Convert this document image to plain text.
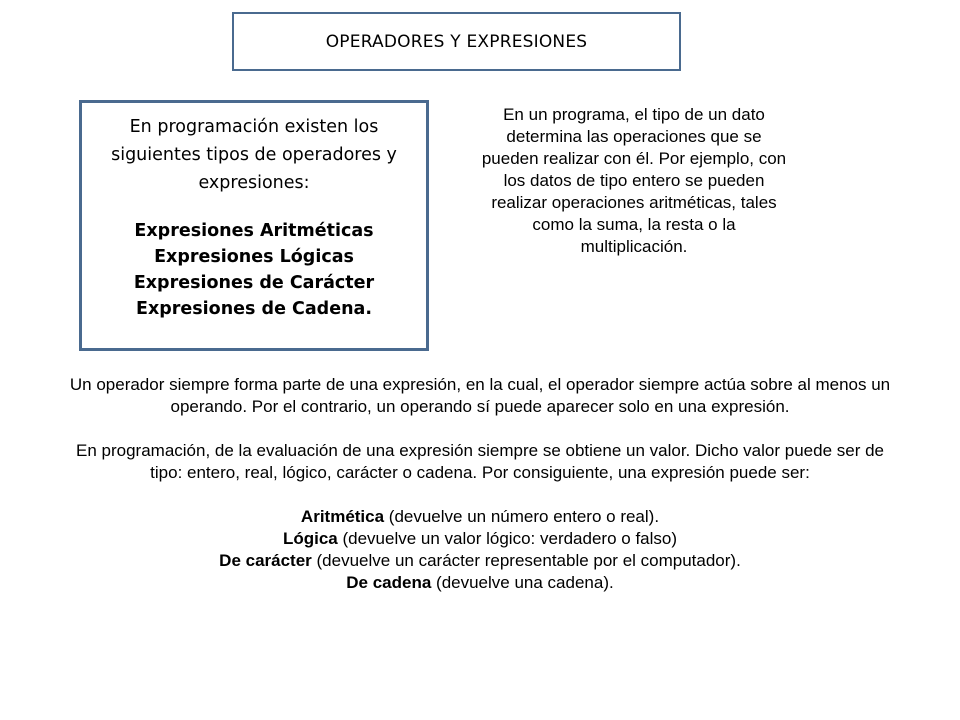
OPERADORES Y EXPRESIONES
En programación existen los siguientes tipos de operadores y expresiones:
Expresiones Aritméticas
Expresiones Lógicas
Expresiones de Carácter
Expresiones de Cadena.
En un programa, el tipo de un dato determina las operaciones que se pueden realizar con él. Por ejemplo, con los datos de tipo entero se pueden realizar operaciones aritméticas, tales como la suma, la resta o la multiplicación.

Un operador siempre forma parte de una expresión, en la cual, el operador siempre actúa sobre al menos un operando. Por el contrario, un operando sí puede aparecer solo en una expresión.

En programación, de la evaluación de una expresión siempre se obtiene un valor. Dicho valor puede ser de tipo: entero, real, lógico, carácter o cadena. Por consiguiente, una expresión puede ser:

Aritmética (devuelve un número entero o real).

Lógica (devuelve un valor lógico: verdadero o falso)

De carácter (devuelve un carácter representable por el computador).

De cadena (devuelve una cadena).
